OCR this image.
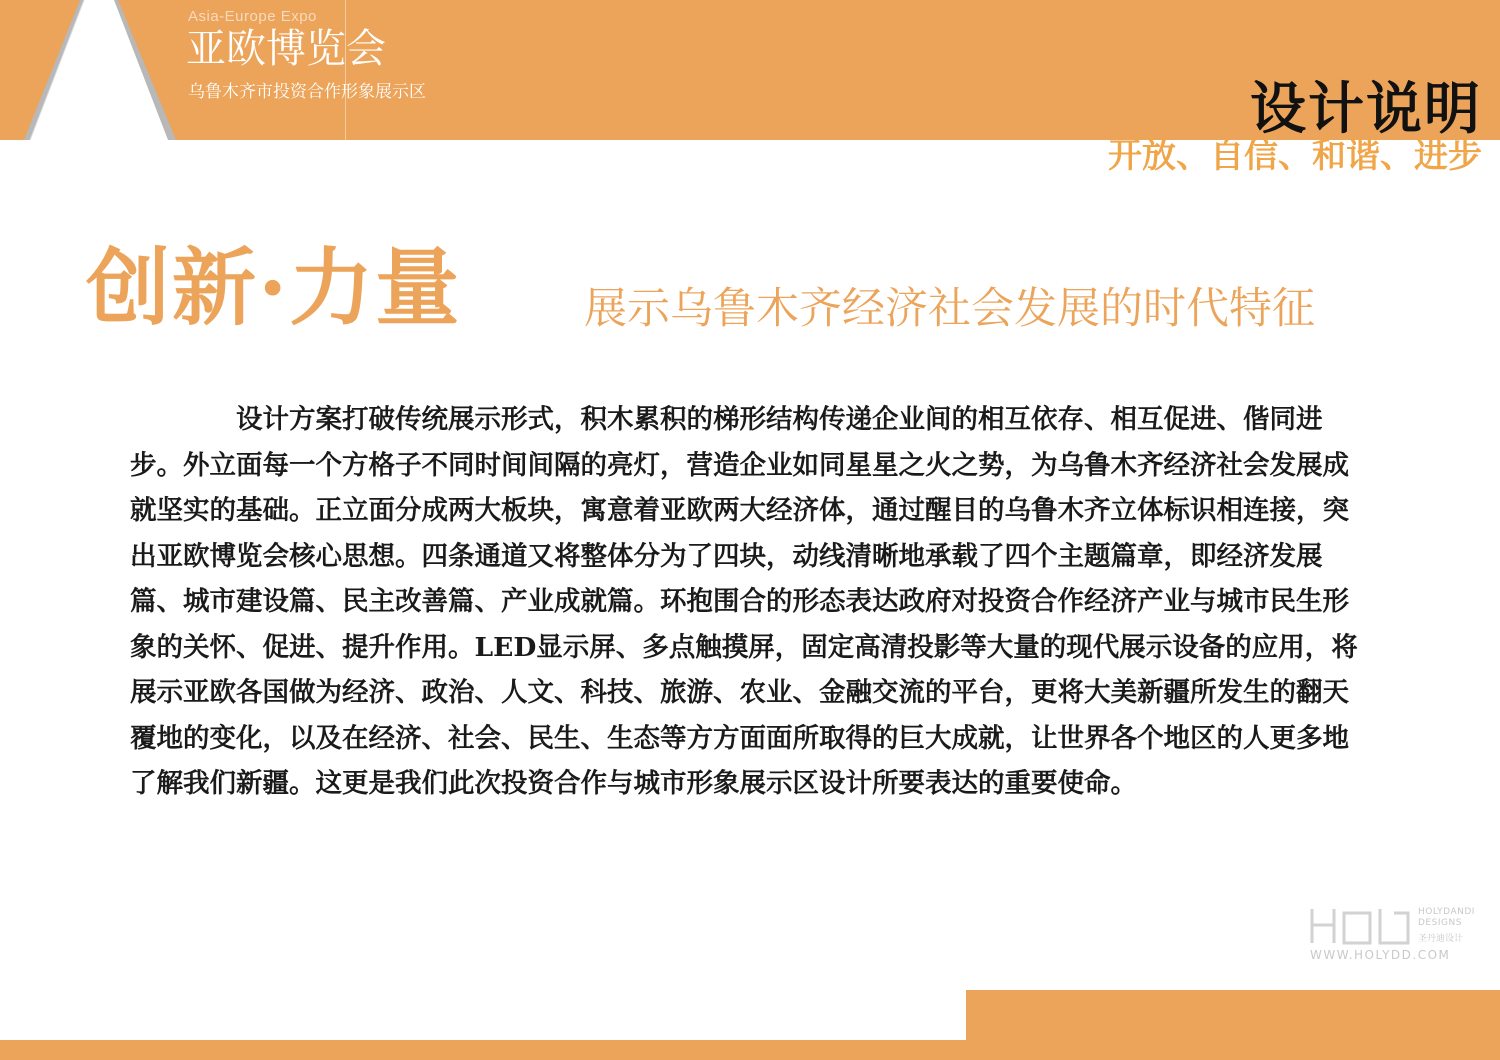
Asia-Europe Expo
亚欧博览会
乌鲁木齐市投资合作形象展示区	设计说明
开放、自信、和谐、进步
创新·力量	展示乌鲁木齐经济社会发展的时代特征

设计方案打破传统展示形式，积木累积的梯形结构传递企业间的相互依存、相互促进、偕同进步。外立面每一个方格子不同时间间隔的亮灯，营造企业如同星星之火之势，为乌鲁木齐经济社会发展成就坚实的基础。正立面分成两大板块，寓意着亚欧两大经济体，通过醒目的乌鲁木齐立体标识相连接，突出亚欧博览会核心思想。四条通道又将整体分为了四块，动线清晰地承载了四个主题篇章，即经济发展篇、城市建设篇、民主改善篇、产业成就篇。环抱围合的形态表达政府对投资合作经济产业与城市民生形象的关怀、促进、提升作用。LED显示屏、多点触摸屏，固定高清投影等大量的现代展示设备的应用，将展示亚欧各国做为经济、政治、人文、科技、旅游、农业、金融交流的平台，更将大美新疆所发生的翻天覆地的变化，以及在经济、社会、民生、生态等方方面面所取得的巨大成就，让世界各个地区的人更多地了解我们新疆。这更是我们此次投资合作与城市形象展示区设计所要表达的重要使命。

HOLYDANDI
DESIGNS
圣丹迪设计
WWW.HOLYDD.COM
